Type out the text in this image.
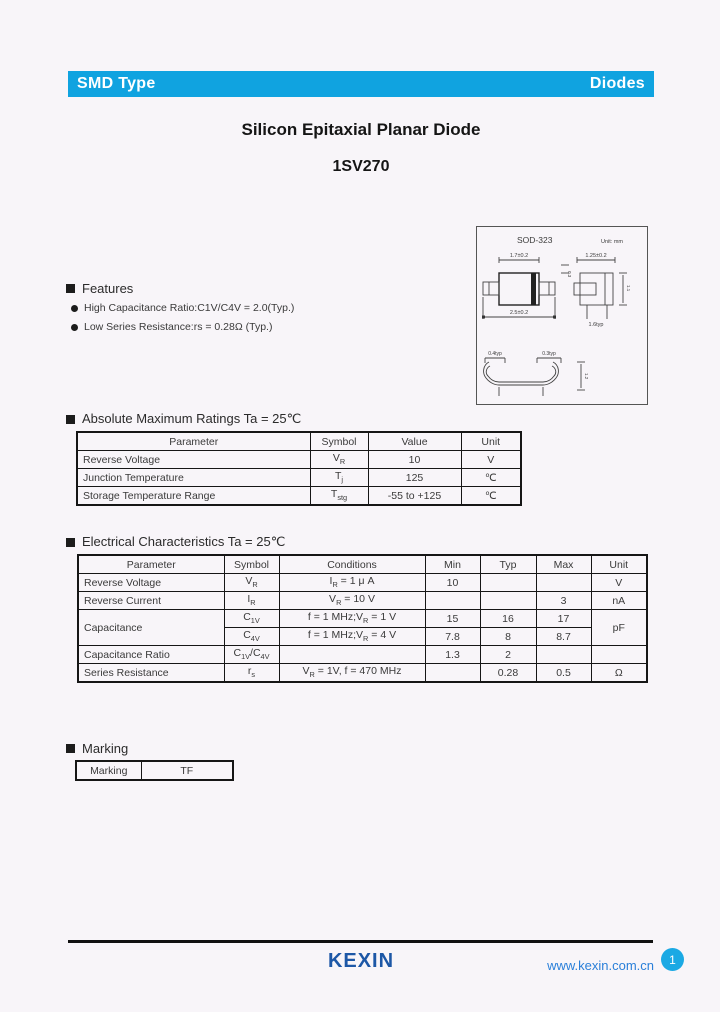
SMD Type	Diodes
Silicon Epitaxial Planar Diode
1SV270
SOD-323	Unit: mm
1.7±0.2
2.5±0.2
0.3
1.25±0.2
1.6typ
1.1
0.4typ	0.3typ
1.2
Features
High Capacitance Ratio:C1V/C4V = 2.0(Typ.)
Low Series Resistance:rs = 0.28Ω (Typ.)
Absolute Maximum Ratings Ta = 25℃
Parameter	Symbol	Value	Unit
Reverse Voltage	$V_R$	10	V
Junction Temperature	$T_j$	125	℃
Storage Temperature Range	$T_{stg}$	-55 to +125	℃
Electrical Characteristics Ta = 25℃
Parameter	Symbol	Conditions	Min	Typ	Max	Unit
Reverse Voltage	$V_R$	$I_R = 1$ μ A	10			V
Reverse Current	$I_R$	$V_R = 10$ V			3	nA
Capacitance	$C_{1V}$	f = 1 $MHz;V_R = 1$ V	15	16	17	pF
	$C_{4V}$	f = 1 $MHz;V_R = 4$ V	7.8	8	8.7	
Capacitance Ratio	$C_{1V}/C_{4V}$		1.3	2		
Series Resistance	$r_s$	$V_R = 1V$, f = 470 MHz		0.28	0.5	Ω
Marking
Marking	TF
KEXIN	www.kexin.com.cn 1
